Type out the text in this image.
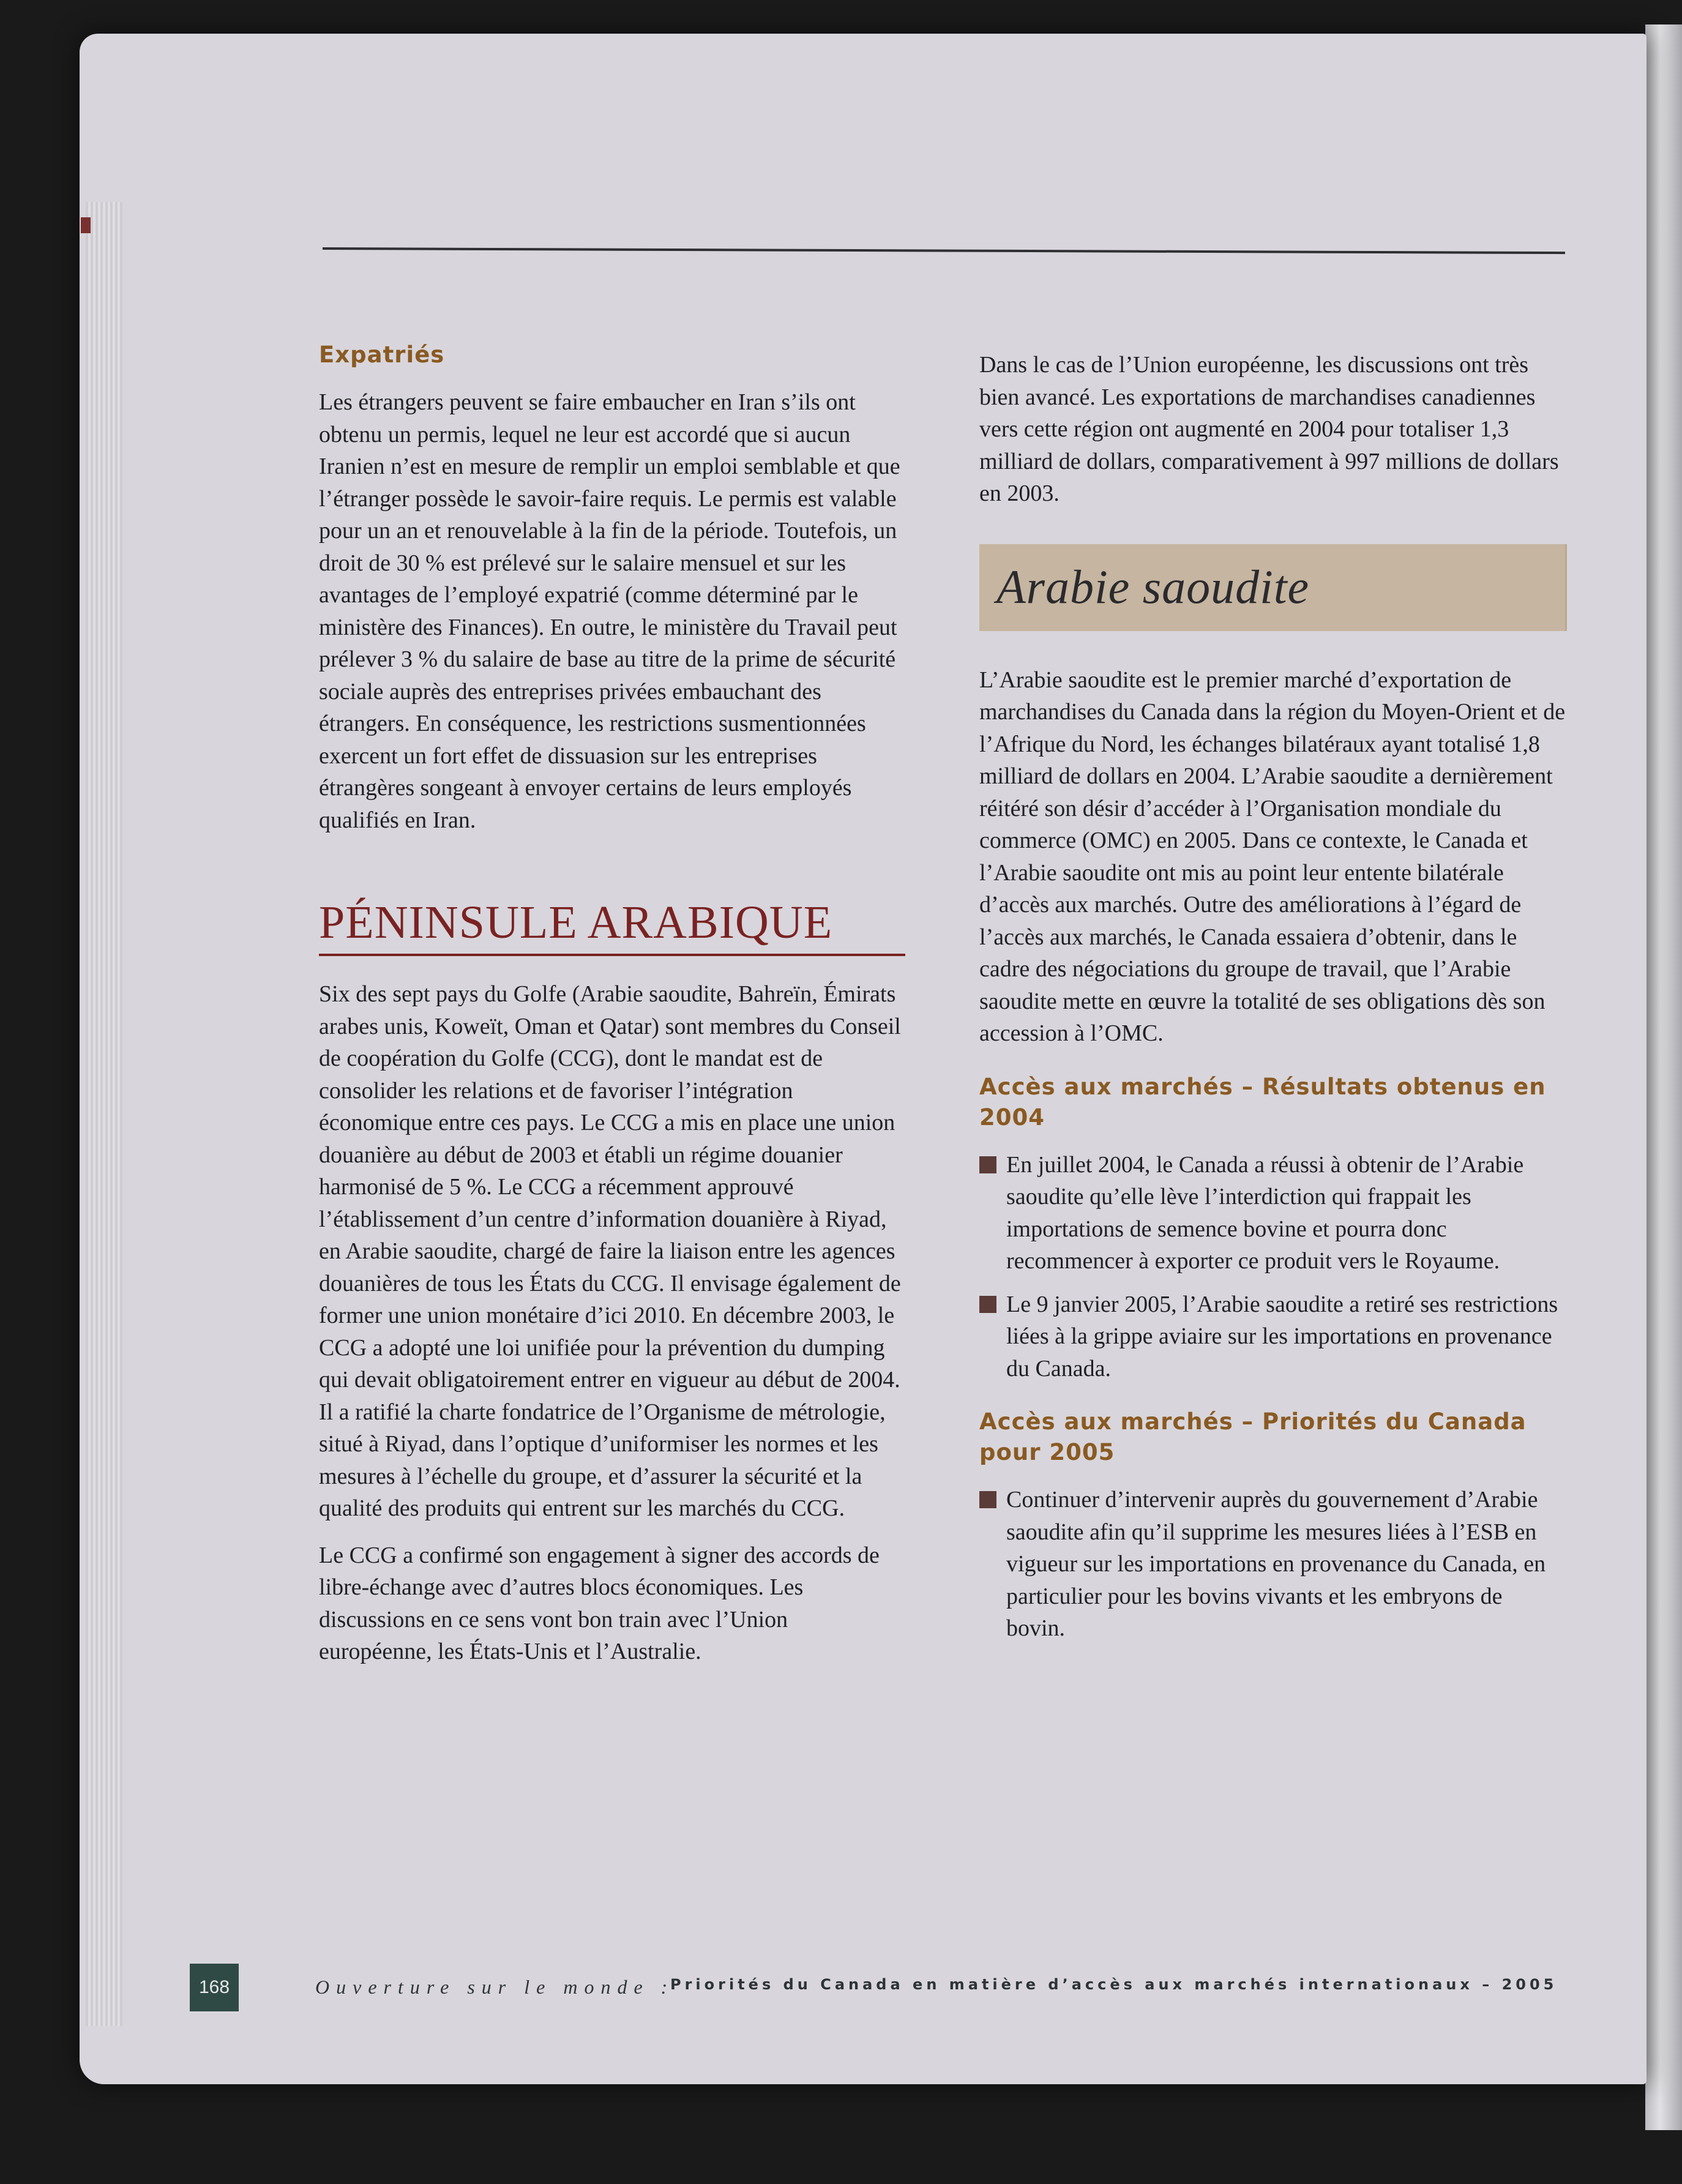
Expatriés

Les étrangers peuvent se faire embaucher en Iran s’ils ont obtenu un permis, lequel ne leur est accordé que si aucun Iranien n’est en mesure de remplir un emploi semblable et que l’étranger possède le savoir-faire requis. Le permis est valable pour un an et renouvelable à la fin de la période. Toutefois, un droit de 30 % est prélevé sur le salaire mensuel et sur les avantages de l’employé expatrié (comme déterminé par le ministère des Finances). En outre, le ministère du Travail peut prélever 3 % du salaire de base au titre de la prime de sécurité sociale auprès des entreprises privées embauchant des étrangers. En conséquence, les restrictions susmentionnées exercent un fort effet de dissuasion sur les entreprises étrangères songeant à envoyer certains de leurs employés qualifiés en Iran.

PÉNINSULE ARABIQUE

Six des sept pays du Golfe (Arabie saoudite, Bahreïn, Émirats arabes unis, Koweït, Oman et Qatar) sont membres du Conseil de coopération du Golfe (CCG), dont le mandat est de consolider les relations et de favoriser l’intégration économique entre ces pays. Le CCG a mis en place une union douanière au début de 2003 et établi un régime douanier harmonisé de 5 %. Le CCG a récemment approuvé l’établissement d’un centre d’information douanière à Riyad, en Arabie saoudite, chargé de faire la liaison entre les agences douanières de tous les États du CCG. Il envisage également de former une union monétaire d’ici 2010. En décembre 2003, le CCG a adopté une loi unifiée pour la prévention du dumping qui devait obligatoirement entrer en vigueur au début de 2004. Il a ratifié la charte fondatrice de l’Organisme de métrologie, situé à Riyad, dans l’optique d’uniformiser les normes et les mesures à l’échelle du groupe, et d’assurer la sécurité et la qualité des produits qui entrent sur les marchés du CCG.

Le CCG a confirmé son engagement à signer des accords de libre-échange avec d’autres blocs économiques. Les discussions en ce sens vont bon train avec l’Union européenne, les États-Unis et l’Australie.

Dans le cas de l’Union européenne, les discussions ont très bien avancé. Les exportations de marchandises canadiennes vers cette région ont augmenté en 2004 pour totaliser 1,3 milliard de dollars, comparativement à 997 millions de dollars en 2003.

Arabie saoudite

L’Arabie saoudite est le premier marché d’exportation de marchandises du Canada dans la région du Moyen-Orient et de l’Afrique du Nord, les échanges bilatéraux ayant totalisé 1,8 milliard de dollars en 2004. L’Arabie saoudite a dernièrement réitéré son désir d’accéder à l’Organisation mondiale du commerce (OMC) en 2005. Dans ce contexte, le Canada et l’Arabie saoudite ont mis au point leur entente bilatérale d’accès aux marchés. Outre des améliorations à l’égard de l’accès aux marchés, le Canada essaiera d’obtenir, dans le cadre des négociations du groupe de travail, que l’Arabie saoudite mette en œuvre la totalité de ses obligations dès son accession à l’OMC.

Accès aux marchés – Résultats obtenus en 2004
En juillet 2004, le Canada a réussi à obtenir de l’Arabie saoudite qu’elle lève l’interdiction qui frappait les importations de semence bovine et pourra donc recommencer à exporter ce produit vers le Royaume.
Le 9 janvier 2005, l’Arabie saoudite a retiré ses restrictions liées à la grippe aviaire sur les importations en provenance du Canada.
Accès aux marchés – Priorités du Canada pour 2005
Continuer d’intervenir auprès du gouvernement d’Arabie saoudite afin qu’il supprime les mesures liées à l’ESB en vigueur sur les importations en provenance du Canada, en particulier pour les bovins vivants et les embryons de bovin.
168	Ouverture sur le monde :
Priorités du Canada en matière d’accès aux marchés internationaux – 2005
